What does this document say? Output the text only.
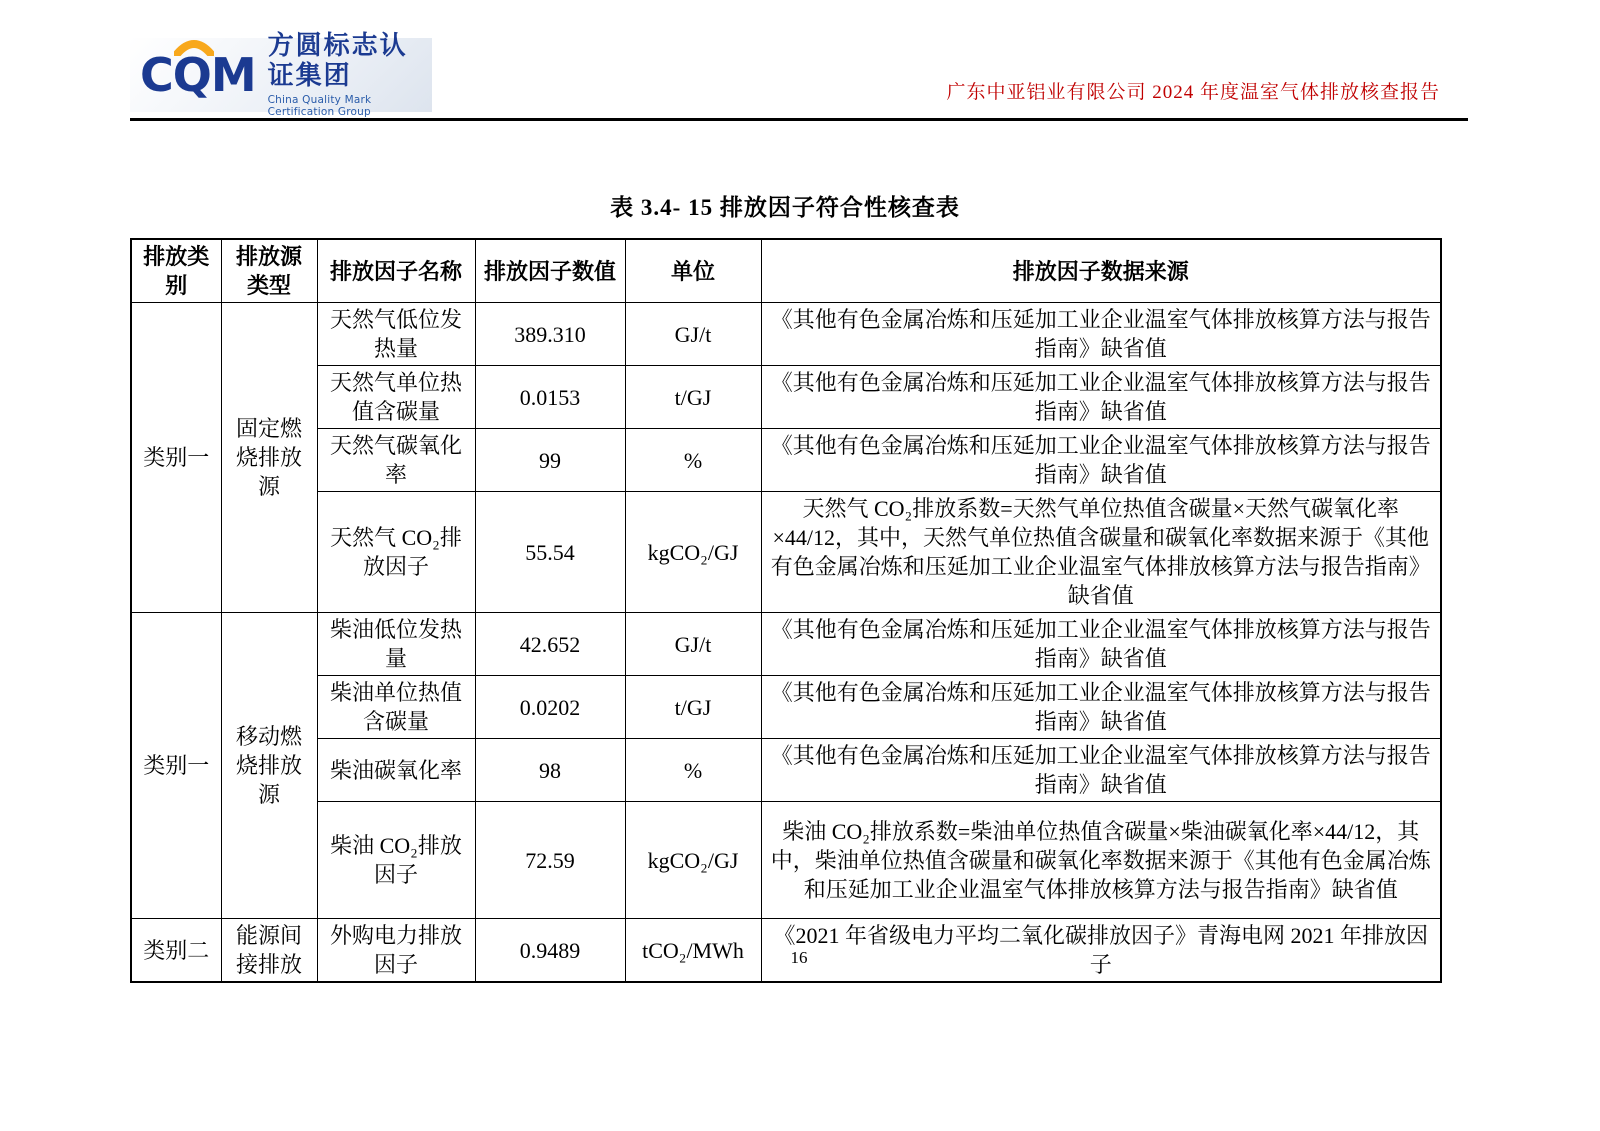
CQM
方圆标志认证集团
China Quality Mark Certification Group
广东中亚铝业有限公司 2024 年度温室气体排放核查报告
表 3.4- 15 排放因子符合性核查表
排放类别	排放源类型	排放因子名称	排放因子数值	单位	排放因子数据来源
类别一	固定燃烧排放源	天然气低位发热量	389.310	GJ/t	《其他有色金属冶炼和压延加工业企业温室气体排放核算方法与报告指南》缺省值
		天然气单位热值含碳量	0.0153	t/GJ	《其他有色金属冶炼和压延加工业企业温室气体排放核算方法与报告指南》缺省值
		天然气碳氧化率	99	%	《其他有色金属冶炼和压延加工业企业温室气体排放核算方法与报告指南》缺省值
		天然气 CO₂排放因子	55.54	kgCO₂/GJ	天然气 CO₂排放系数=天然气单位热值含碳量×天然气碳氧化率×44/12，其中，天然气单位热值含碳量和碳氧化率数据来源于《其他有色金属冶炼和压延加工业企业温室气体排放核算方法与报告指南》缺省值
类别一	移动燃烧排放源	柴油低位发热量	42.652	GJ/t	《其他有色金属冶炼和压延加工业企业温室气体排放核算方法与报告指南》缺省值
		柴油单位热值含碳量	0.0202	t/GJ	《其他有色金属冶炼和压延加工业企业温室气体排放核算方法与报告指南》缺省值
		柴油碳氧化率	98	%	《其他有色金属冶炼和压延加工业企业温室气体排放核算方法与报告指南》缺省值
		柴油 CO₂排放因子	72.59	kgCO₂/GJ	柴油 CO₂排放系数=柴油单位热值含碳量×柴油碳氧化率×44/12，其中，柴油单位热值含碳量和碳氧化率数据来源于《其他有色金属冶炼和压延加工业企业温室气体排放核算方法与报告指南》缺省值
类别二	能源间接排放	外购电力排放因子	0.9489	tCO₂/MWh	《2021 年省级电力平均二氧化碳排放因子》青海电网 2021 年排放因子
16
